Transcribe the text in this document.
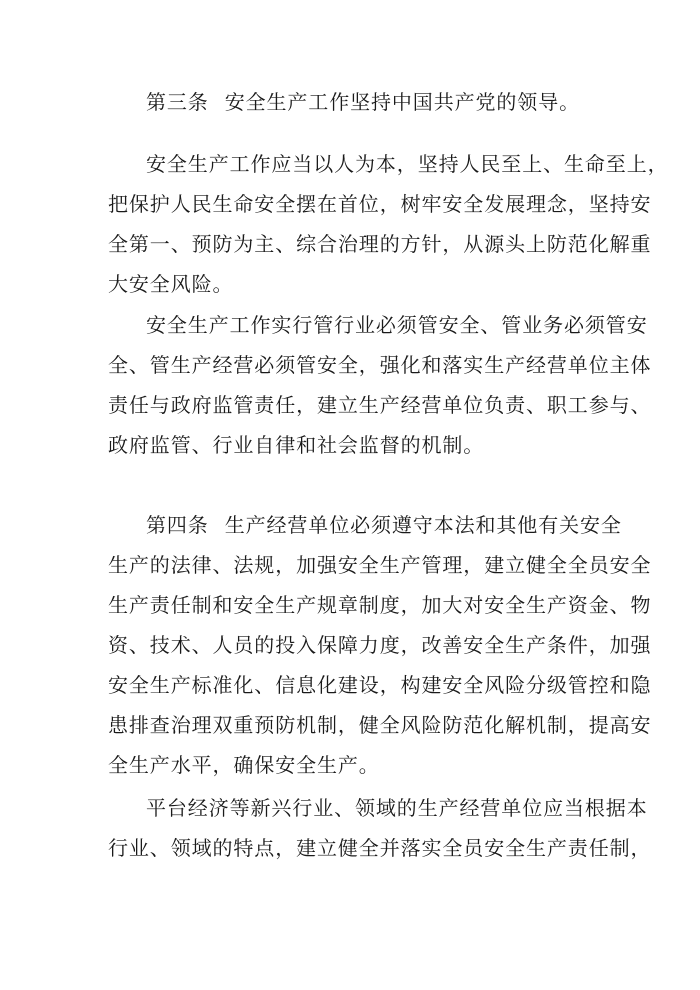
第三条 安全生产工作坚持中国共产党的领导。
安全生产工作应当以人为本，坚持人民至上、生命至上，
把保护人民生命安全摆在首位，树牢安全发展理念，坚持安
全第一、预防为主、综合治理的方针，从源头上防范化解重
大安全风险。
安全生产工作实行管行业必须管安全、管业务必须管安
全、管生产经营必须管安全，强化和落实生产经营单位主体
责任与政府监管责任，建立生产经营单位负责、职工参与、
政府监管、行业自律和社会监督的机制。
第四条 生产经营单位必须遵守本法和其他有关安全
生产的法律、法规，加强安全生产管理，建立健全全员安全
生产责任制和安全生产规章制度，加大对安全生产资金、物
资、技术、人员的投入保障力度，改善安全生产条件，加强
安全生产标准化、信息化建设，构建安全风险分级管控和隐
患排查治理双重预防机制，健全风险防范化解机制，提高安
全生产水平，确保安全生产。
平台经济等新兴行业、领域的生产经营单位应当根据本
行业、领域的特点，建立健全并落实全员安全生产责任制，
